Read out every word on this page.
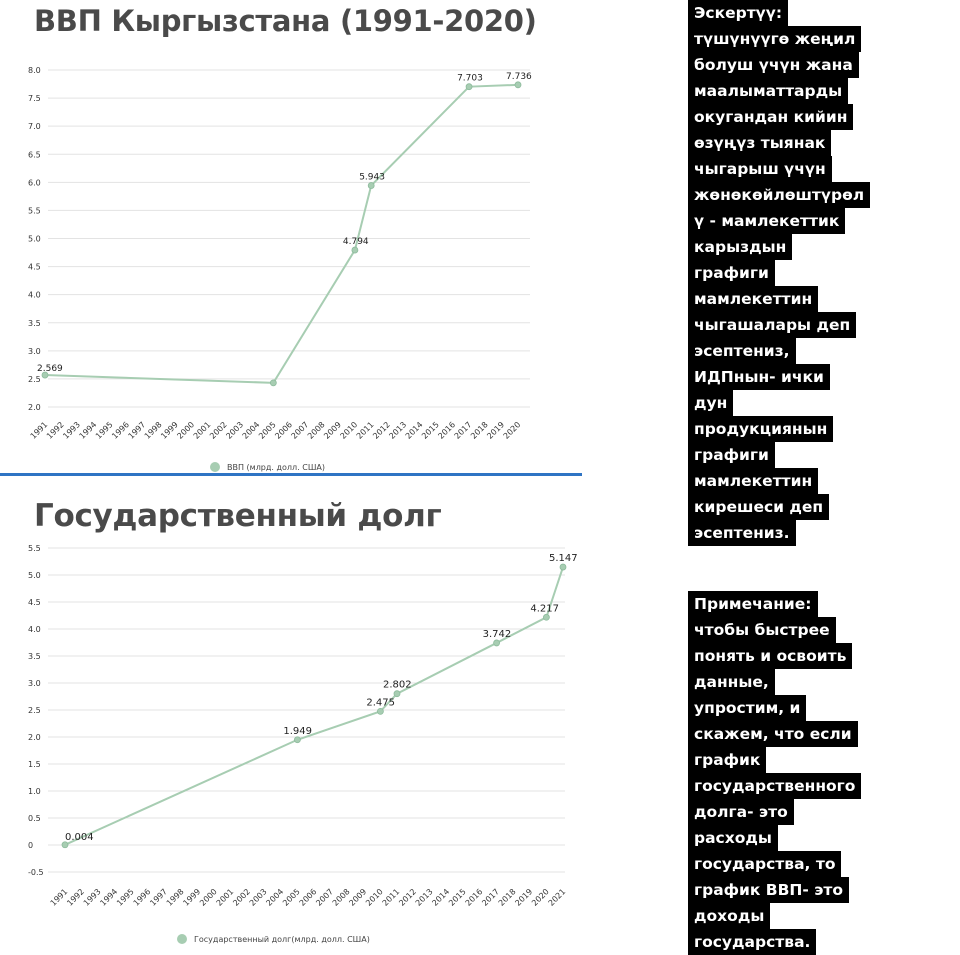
ВВП Кыргызстана (1991-2020)
2.0
2.5
3.0
3.5
4.0
4.5
5.0
5.5
6.0
6.5
7.0
7.5
8.0
1991
1992
1993
1994
1995
1996
1997
1998
1999
2000
2001
2002
2003
2004
2005
2006
2007
2008
2009
2010
2011
2012
2013
2014
2015
2016
2017
2018
2019
2020
2.569
4.794
5.943
7.703	7.736
ВВП (млрд. долл. США)
Государственный долг
-0.5
0
0.5
1.0
1.5
2.0
2.5
3.0
3.5
4.0
4.5
5.0
5.5
1991
1992
1993
1994
1995
1996
1997
1998
1999
2000
2001
2002
2003
2004
2005
2006
2007
2008
2009
2010
2011
2012
2013
2014
2015
2016
2017
2018
2019
2020
2021
0.004
1.949
2.475
2.802
3.742
4.217
5.147
Государственный долг(млрд. долл. США)
Эскертүү:
түшүнүүгө жеңил
болуш үчүн жана
маалыматтарды
окугандан кийин
өзүңүз тыянак
чыгарыш үчүн
жөнөкөйлөштүрөл
ү - мамлекеттик
карыздын
графиги
мамлекеттин
чыгашалары деп
эсептениз,
ИДПнын- ички
дун
продукциянын
графиги
мамлекеттин
кирешеси деп
эсептениз.

Примечание:
чтобы быстрее
понять и освоить
данные,
упростим, и
скажем, что если
график
государственного
долга- это
расходы
государства, то
график ВВП- это
доходы
государства.
